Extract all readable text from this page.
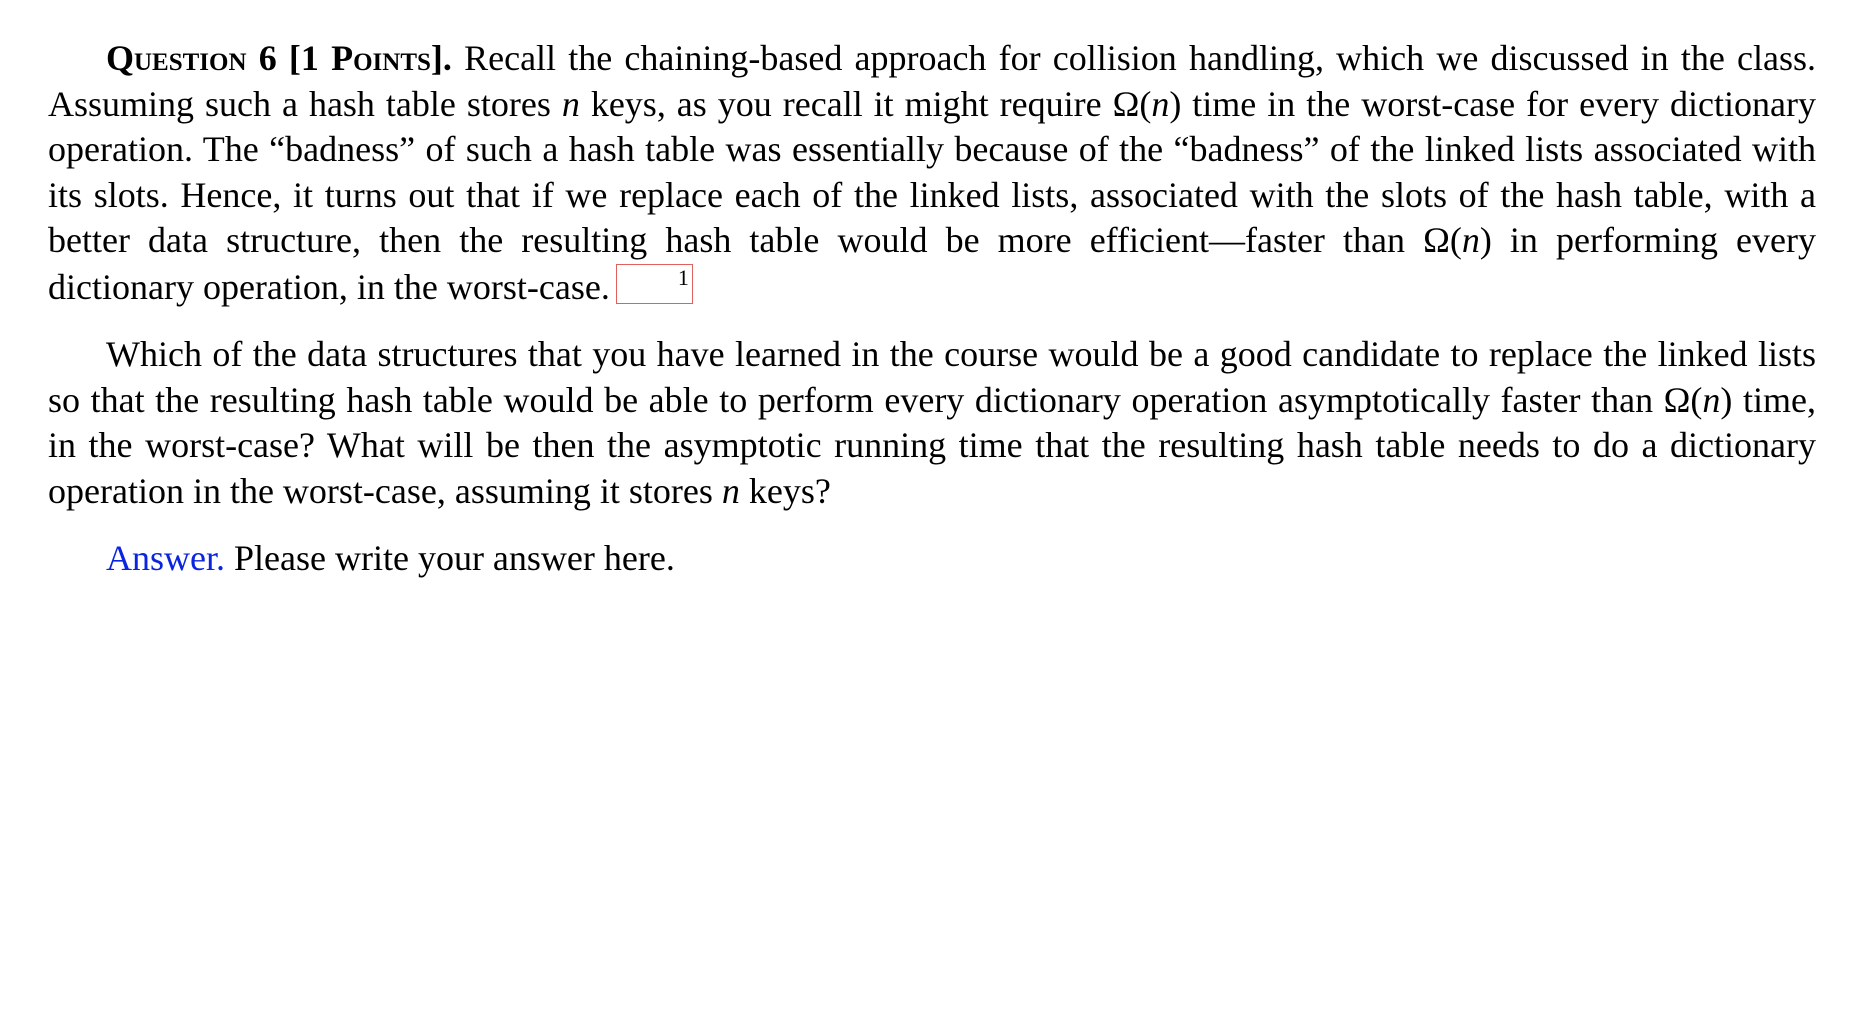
Question 6 [1 Points]. Recall the chaining-based approach for collision handling, which we discussed in the class. Assuming such a hash table stores n keys, as you recall it might require Ω(n) time in the worst-case for every dictionary operation. The “badness” of such a hash table was essentially because of the “badness” of the linked lists associated with its slots. Hence, it turns out that if we replace each of the linked lists, associated with the slots of the hash table, with a better data structure, then the resulting hash table would be more efficient—faster than Ω(n) in performing every dictionary operation, in the worst-case.	1

Which of the data structures that you have learned in the course would be a good candidate to replace the linked lists so that the resulting hash table would be able to perform every dictionary operation asymptotically faster than Ω(n) time, in the worst-case? What will be then the asymptotic running time that the resulting hash table needs to do a dictionary operation in the worst-case, assuming it stores n keys?

Answer. Please write your answer here.
